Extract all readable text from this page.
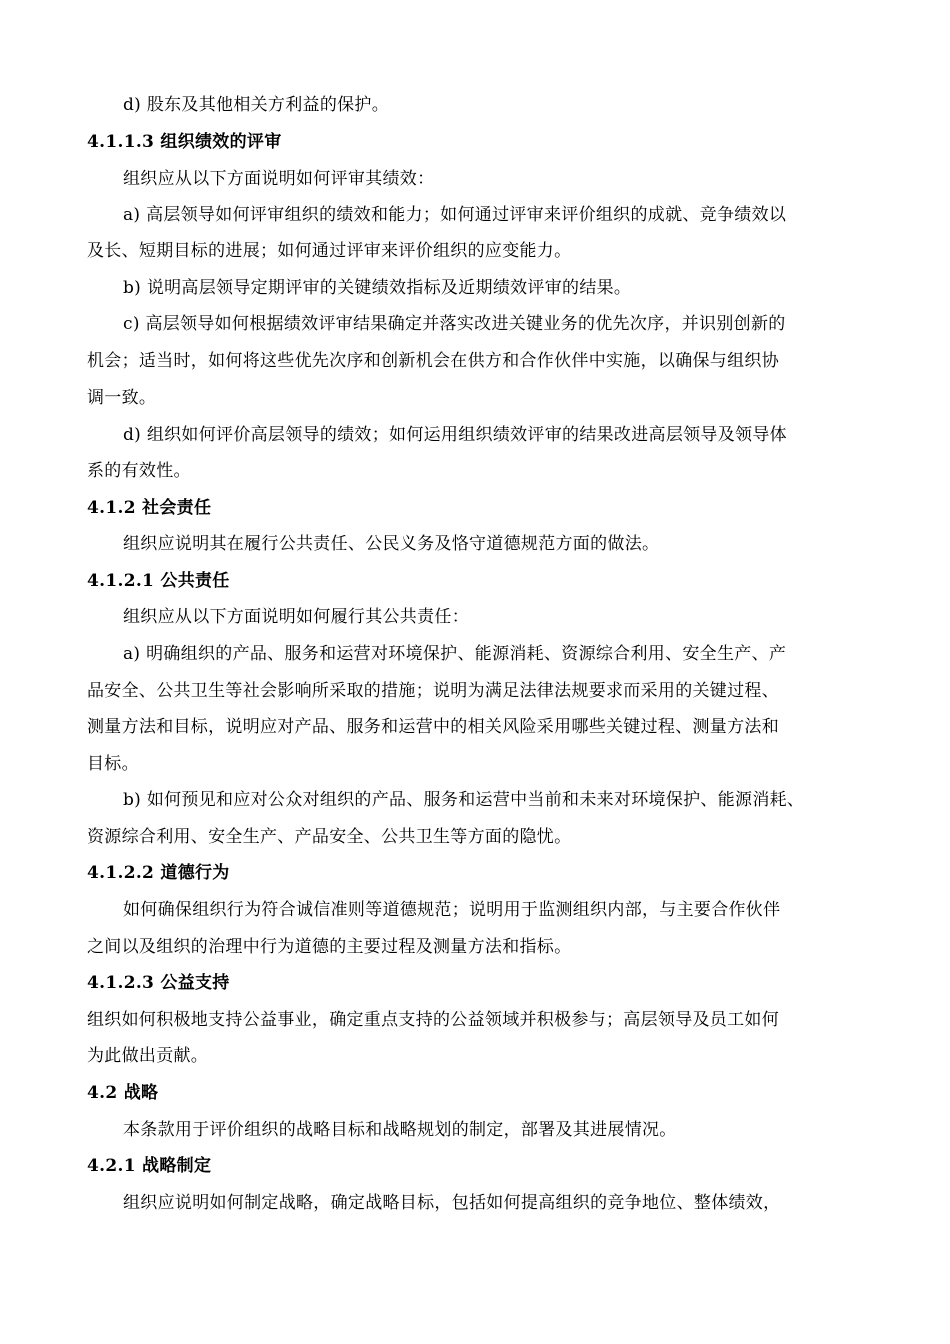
d) 股东及其他相关方利益的保护。
4.1.1.3 组织绩效的评审
组织应从以下方面说明如何评审其绩效：
a) 高层领导如何评审组织的绩效和能力；如何通过评审来评价组织的成就、竞争绩效以
及长、短期目标的进展；如何通过评审来评价组织的应变能力。
b) 说明高层领导定期评审的关键绩效指标及近期绩效评审的结果。
c) 高层领导如何根据绩效评审结果确定并落实改进关键业务的优先次序，并识别创新的
机会；适当时，如何将这些优先次序和创新机会在供方和合作伙伴中实施，以确保与组织协
调一致。
d) 组织如何评价高层领导的绩效；如何运用组织绩效评审的结果改进高层领导及领导体
系的有效性。
4.1.2 社会责任
组织应说明其在履行公共责任、公民义务及恪守道德规范方面的做法。
4.1.2.1 公共责任
组织应从以下方面说明如何履行其公共责任：
a) 明确组织的产品、服务和运营对环境保护、能源消耗、资源综合利用、安全生产、产
品安全、公共卫生等社会影响所采取的措施；说明为满足法律法规要求而采用的关键过程、
测量方法和目标，说明应对产品、服务和运营中的相关风险采用哪些关键过程、测量方法和
目标。
b) 如何预见和应对公众对组织的产品、服务和运营中当前和未来对环境保护、能源消耗、
资源综合利用、安全生产、产品安全、公共卫生等方面的隐忧。
4.1.2.2 道德行为
如何确保组织行为符合诚信准则等道德规范；说明用于监测组织内部，与主要合作伙伴
之间以及组织的治理中行为道德的主要过程及测量方法和指标。
4.1.2.3 公益支持
组织如何积极地支持公益事业，确定重点支持的公益领域并积极参与；高层领导及员工如何
为此做出贡献。
4.2 战略
本条款用于评价组织的战略目标和战略规划的制定，部署及其进展情况。
4.2.1 战略制定
组织应说明如何制定战略，确定战略目标，包括如何提高组织的竞争地位、整体绩效，
